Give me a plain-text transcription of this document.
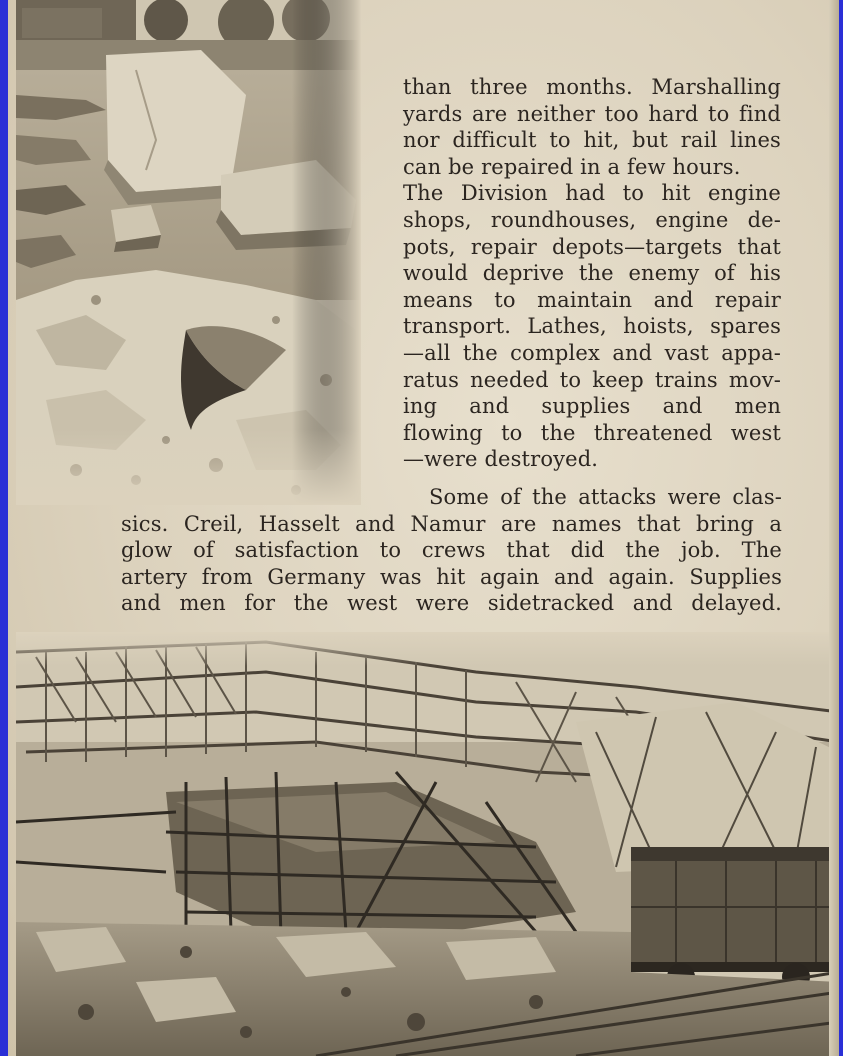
than three months. Marshalling
yards are neither too hard to find
nor difficult to hit, but rail lines
can be repaired in a few hours.
The Division had to hit engine
shops, roundhouses, engine de-
pots, repair depots—targets that
would deprive the enemy of his
means to maintain and repair
transport. Lathes, hoists, spares
—all the complex and vast appa-
ratus needed to keep trains mov-
ing and supplies and men
flowing to the threatened west
—were destroyed.
Some of the attacks were clas-
sics. Creil, Hasselt and Namur are names that bring a
glow of satisfaction to crews that did the job. The
artery from Germany was hit again and again. Supplies
and men for the west were sidetracked and delayed.
